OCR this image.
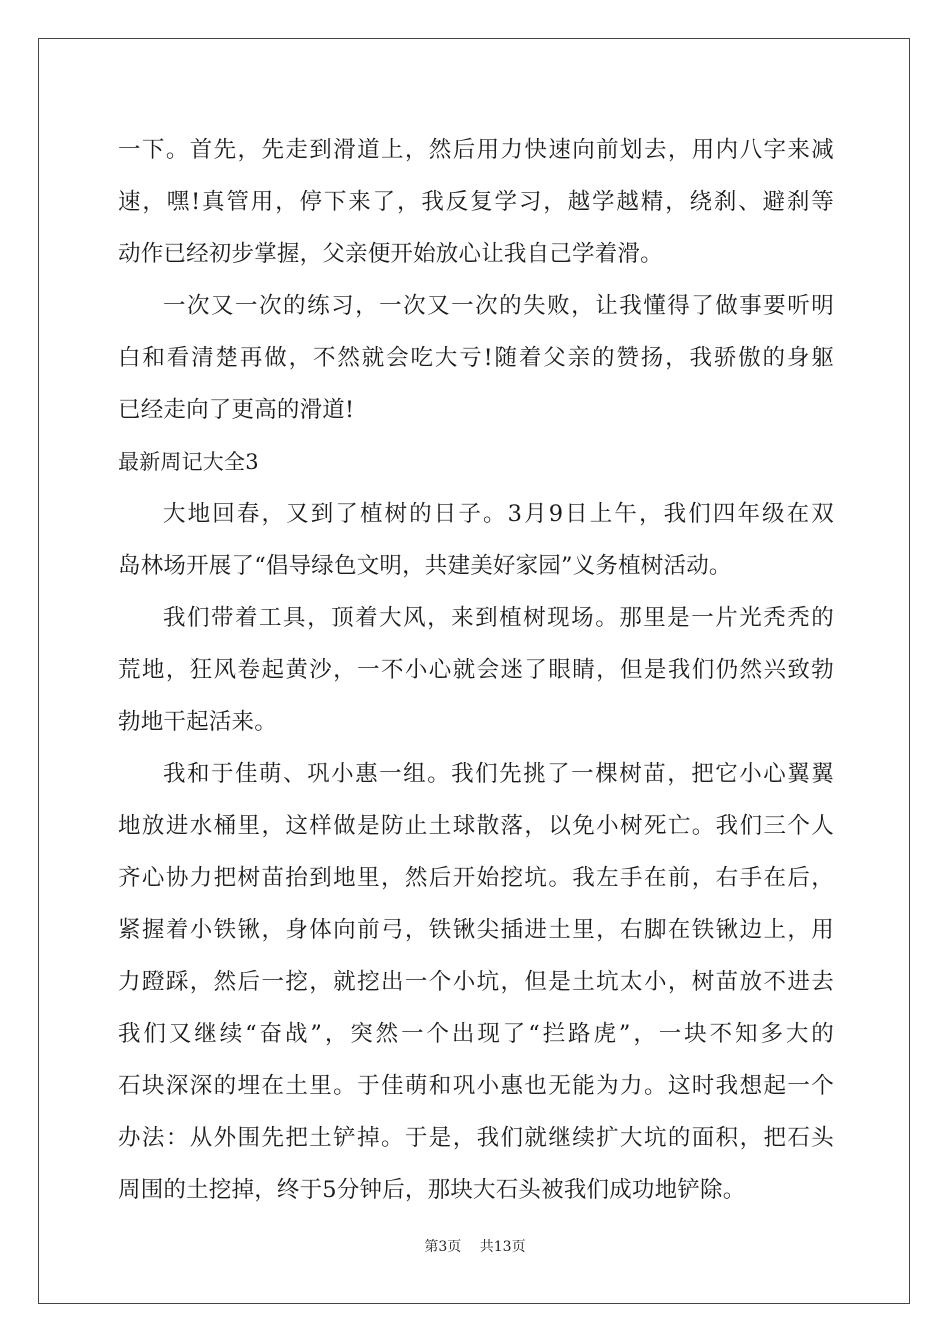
一下。首先，先走到滑道上，然后用力快速向前划去，用内八字来减
速，嘿!真管用，停下来了，我反复学习，越学越精，绕刹、避刹等
动作已经初步掌握，父亲便开始放心让我自己学着滑。
一次又一次的练习，一次又一次的失败，让我懂得了做事要听明
白和看清楚再做，不然就会吃大亏!随着父亲的赞扬，我骄傲的身躯
已经走向了更高的滑道!
最新周记大全3
大地回春，又到了植树的日子。3月9日上午，我们四年级在双
岛林场开展了“倡导绿色文明，共建美好家园”义务植树活动。
我们带着工具，顶着大风，来到植树现场。那里是一片光秃秃的
荒地，狂风卷起黄沙，一不小心就会迷了眼睛，但是我们仍然兴致勃
勃地干起活来。
我和于佳萌、巩小惠一组。我们先挑了一棵树苗，把它小心翼翼
地放进水桶里，这样做是防止土球散落，以免小树死亡。我们三个人
齐心协力把树苗抬到地里，然后开始挖坑。我左手在前，右手在后，
紧握着小铁锹，身体向前弓，铁锹尖插进土里，右脚在铁锹边上，用
力蹬踩，然后一挖，就挖出一个小坑，但是土坑太小，树苗放不进去
我们又继续“奋战”，突然一个出现了“拦路虎”，一块不知多大的
石块深深的埋在土里。于佳萌和巩小惠也无能为力。这时我想起一个
办法：从外围先把土铲掉。于是，我们就继续扩大坑的面积，把石头
周围的土挖掉，终于5分钟后，那块大石头被我们成功地铲除。
第3页 共13页
